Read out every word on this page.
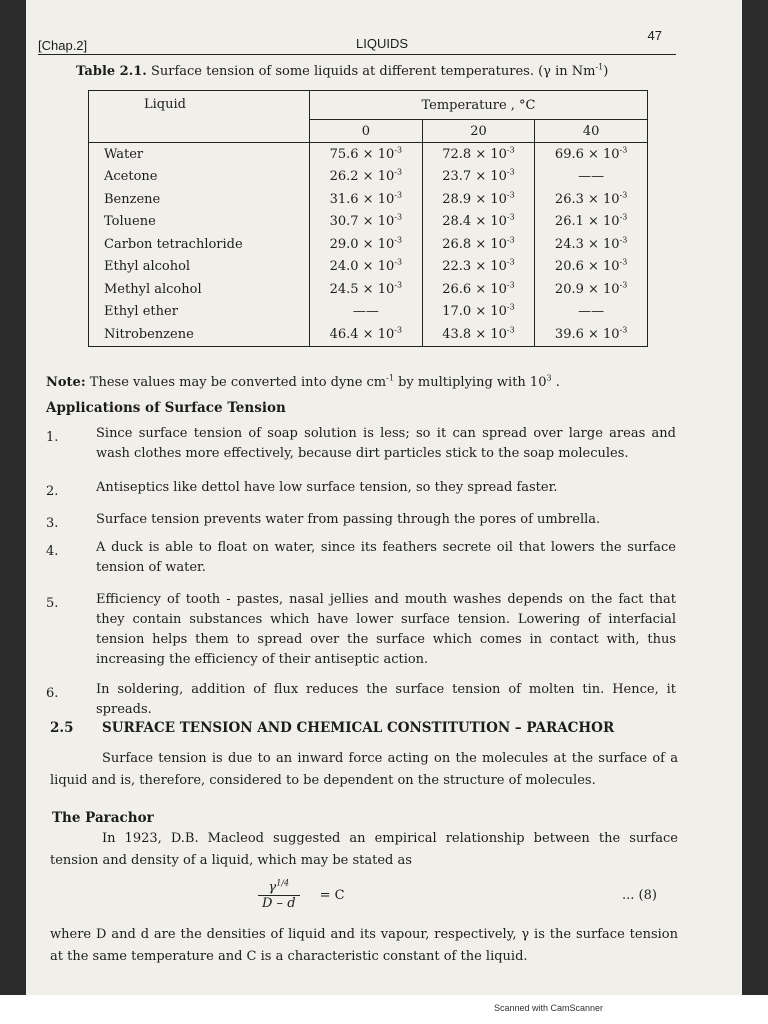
[Chap.2]	LIQUIDS
47
Table 2.1. Surface tension of some liquids at different temperatures. (γ in $Nm^{-1}$)
Liquid	Temperature , °C		
	0	20	40
Water	$75.6 \times 10^{-3}$	$72.8 \times 10^{-3}$	$69.6 \times 10^{-3}$
Acetone	$26.2 \times 10^{-3}$	$23.7 \times 10^{-3}$	——
Benzene	$31.6 \times 10^{-3}$	$28.9 \times 10^{-3}$	$26.3 \times 10^{-3}$
Toluene	$30.7 \times 10^{-3}$	$28.4 \times 10^{-3}$	$26.1 \times 10^{-3}$
Carbon tetrachloride	$29.0 \times 10^{-3}$	$26.8 \times 10^{-3}$	$24.3 \times 10^{-3}$
Ethyl alcohol	$24.0 \times 10^{-3}$	$22.3 \times 10^{-3}$	$20.6 \times 10^{-3}$
Methyl alcohol	$24.5 \times 10^{-3}$	$26.6 \times 10^{-3}$	$20.9 \times 10^{-3}$
Ethyl ether	——	$17.0 \times 10^{-3}$	——
Nitrobenzene	$46.4 \times 10^{-3}$	$43.8 \times 10^{-3}$	$39.6 \times 10^{-3}$
Note: These values may be converted into dyne $cm^{-1}$ by multiplying with $10^3$ .
Applications of Surface Tension
1.	Since surface tension of soap solution is less; so it can spread over large areas and wash clothes more effectively, because dirt particles stick to the soap molecules.
2.	Antiseptics like dettol have low surface tension, so they spread faster.
3.	Surface tension prevents water from passing through the pores of umbrella.
4.	A duck is able to float on water, since its feathers secrete oil that lowers the surface tension of water.
5.	Efficiency of tooth - pastes, nasal jellies and mouth washes depends on the fact that they contain substances which have lower surface tension. Lowering of interfacial tension helps them to spread over the surface which comes in contact with, thus increasing the efficiency of their antiseptic action.
6.	In soldering, addition of flux reduces the surface tension of molten tin. Hence, it spreads.
2.5 SURFACE TENSION AND CHEMICAL CONSTITUTION – PARACHOR
Surface tension is due to an inward force acting on the molecules at the surface of a liquid and is, therefore, considered to be dependent on the structure of molecules.
The Parachor
In 1923, D.B. Macleod suggested an empirical relationship between the surface tension and density of a liquid, which may be stated as
$\frac{\gamma^{1/4}}{D - d} = C$	... (8)
where D and d are the densities of liquid and its vapour, respectively, γ is the surface tension at the same temperature and C is a characteristic constant of the liquid.
Scanned with CamScanner
